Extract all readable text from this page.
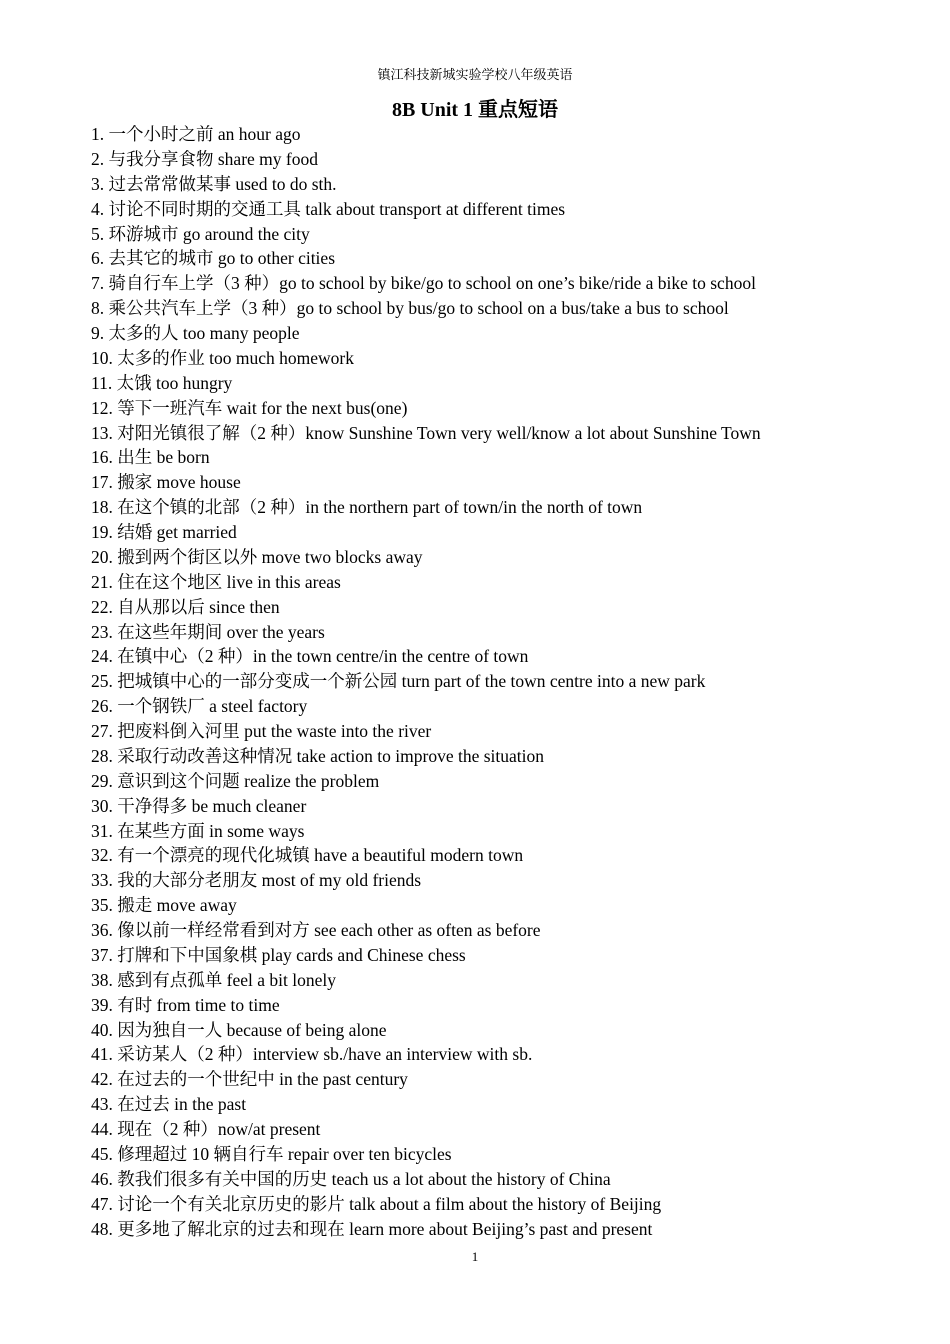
镇江科技新城实验学校八年级英语
8B Unit 1 重点短语
1. 一个小时之前 an hour ago
2. 与我分享食物 share my food
3. 过去常常做某事 used to do sth.
4. 讨论不同时期的交通工具 talk about transport at different times
5. 环游城市 go around the city
6. 去其它的城市 go to other cities
7. 骑自行车上学（3 种）go to school by bike/go to school on one’s bike/ride a bike to school
8. 乘公共汽车上学（3 种）go to school by bus/go to school on a bus/take a bus to school
9. 太多的人 too many people
10. 太多的作业 too much homework
11. 太饿 too hungry
12. 等下一班汽车 wait for the next bus(one)
13. 对阳光镇很了解（2 种）know Sunshine Town very well/know a lot about Sunshine Town
16. 出生 be born
17. 搬家 move house
18. 在这个镇的北部（2 种）in the northern part of town/in the north of town
19. 结婚 get married
20. 搬到两个街区以外 move two blocks away
21. 住在这个地区 live in this areas
22. 自从那以后 since then
23. 在这些年期间 over the years
24. 在镇中心（2 种）in the town centre/in the centre of town
25. 把城镇中心的一部分变成一个新公园 turn part of the town centre into a new park
26. 一个钢铁厂 a steel factory
27. 把废料倒入河里 put the waste into the river
28. 采取行动改善这种情况 take action to improve the situation
29. 意识到这个问题 realize the problem
30. 干净得多 be much cleaner
31. 在某些方面 in some ways
32. 有一个漂亮的现代化城镇 have a beautiful modern town
33. 我的大部分老朋友 most of my old friends
35. 搬走 move away
36. 像以前一样经常看到对方 see each other as often as before
37. 打牌和下中国象棋 play cards and Chinese chess
38. 感到有点孤单 feel a bit lonely
39. 有时 from time to time
40. 因为独自一人 because of being alone
41. 采访某人（2 种）interview sb./have an interview with sb.
42. 在过去的一个世纪中 in the past century
43. 在过去 in the past
44. 现在（2 种）now/at present
45. 修理超过 10 辆自行车 repair over ten bicycles
46. 教我们很多有关中国的历史 teach us a lot about the history of China
47. 讨论一个有关北京历史的影片 talk about a film about the history of Beijing
48. 更多地了解北京的过去和现在 learn more about Beijing’s past and present
1
